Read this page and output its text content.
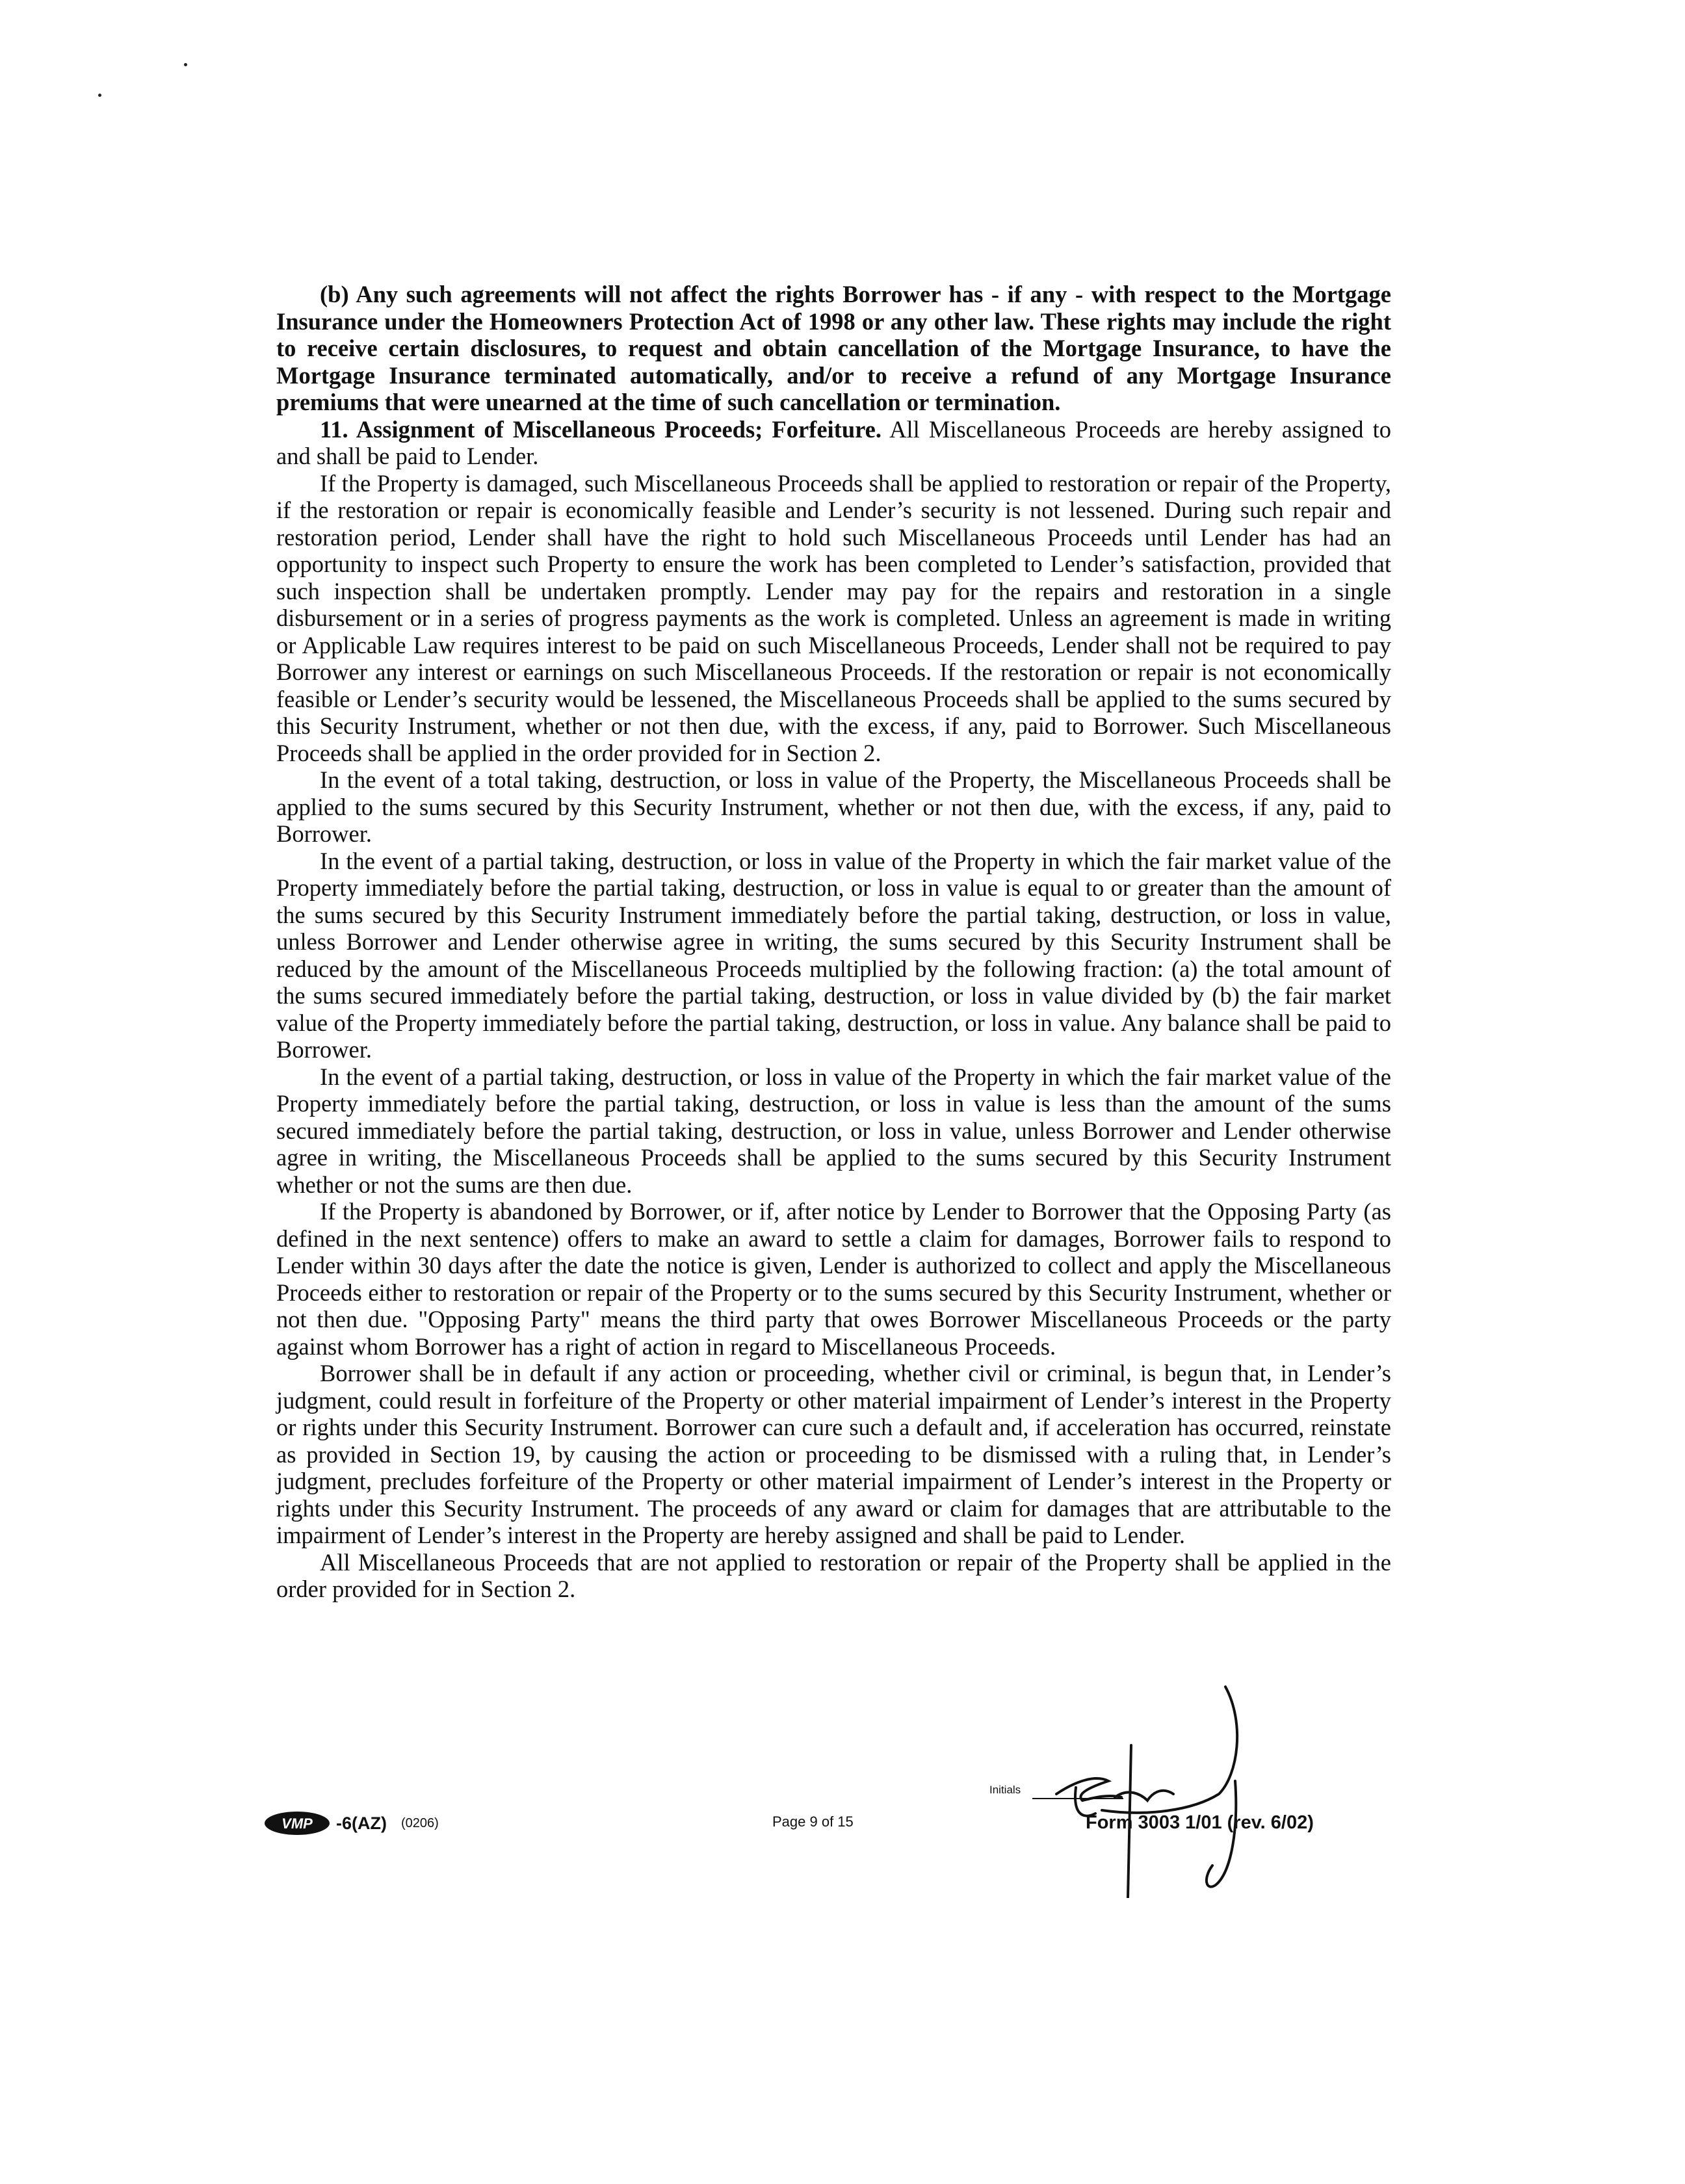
(b) Any such agreements will not affect the rights Borrower has - if any - with respect to the Mortgage Insurance under the Homeowners Protection Act of 1998 or any other law. These rights may include the right to receive certain disclosures, to request and obtain cancellation of the Mortgage Insurance, to have the Mortgage Insurance terminated automatically, and/or to receive a refund of any Mortgage Insurance premiums that were unearned at the time of such cancellation or termination.

11. Assignment of Miscellaneous Proceeds; Forfeiture. All Miscellaneous Proceeds are hereby assigned to and shall be paid to Lender.

If the Property is damaged, such Miscellaneous Proceeds shall be applied to restoration or repair of the Property, if the restoration or repair is economically feasible and Lender’s security is not lessened. During such repair and restoration period, Lender shall have the right to hold such Miscellaneous Proceeds until Lender has had an opportunity to inspect such Property to ensure the work has been completed to Lender’s satisfaction, provided that such inspection shall be undertaken promptly. Lender may pay for the repairs and restoration in a single disbursement or in a series of progress payments as the work is completed. Unless an agreement is made in writing or Applicable Law requires interest to be paid on such Miscellaneous Proceeds, Lender shall not be required to pay Borrower any interest or earnings on such Miscellaneous Proceeds. If the restoration or repair is not economically feasible or Lender’s security would be lessened, the Miscellaneous Proceeds shall be applied to the sums secured by this Security Instrument, whether or not then due, with the excess, if any, paid to Borrower. Such Miscellaneous Proceeds shall be applied in the order provided for in Section 2.

In the event of a total taking, destruction, or loss in value of the Property, the Miscellaneous Proceeds shall be applied to the sums secured by this Security Instrument, whether or not then due, with the excess, if any, paid to Borrower.

In the event of a partial taking, destruction, or loss in value of the Property in which the fair market value of the Property immediately before the partial taking, destruction, or loss in value is equal to or greater than the amount of the sums secured by this Security Instrument immediately before the partial taking, destruction, or loss in value, unless Borrower and Lender otherwise agree in writing, the sums secured by this Security Instrument shall be reduced by the amount of the Miscellaneous Proceeds multiplied by the following fraction: (a) the total amount of the sums secured immediately before the partial taking, destruction, or loss in value divided by (b) the fair market value of the Property immediately before the partial taking, destruction, or loss in value. Any balance shall be paid to Borrower.

In the event of a partial taking, destruction, or loss in value of the Property in which the fair market value of the Property immediately before the partial taking, destruction, or loss in value is less than the amount of the sums secured immediately before the partial taking, destruction, or loss in value, unless Borrower and Lender otherwise agree in writing, the Miscellaneous Proceeds shall be applied to the sums secured by this Security Instrument whether or not the sums are then due.

If the Property is abandoned by Borrower, or if, after notice by Lender to Borrower that the Opposing Party (as defined in the next sentence) offers to make an award to settle a claim for damages, Borrower fails to respond to Lender within 30 days after the date the notice is given, Lender is authorized to collect and apply the Miscellaneous Proceeds either to restoration or repair of the Property or to the sums secured by this Security Instrument, whether or not then due. "Opposing Party" means the third party that owes Borrower Miscellaneous Proceeds or the party against whom Borrower has a right of action in regard to Miscellaneous Proceeds.

Borrower shall be in default if any action or proceeding, whether civil or criminal, is begun that, in Lender’s judgment, could result in forfeiture of the Property or other material impairment of Lender’s interest in the Property or rights under this Security Instrument. Borrower can cure such a default and, if acceleration has occurred, reinstate as provided in Section 19, by causing the action or proceeding to be dismissed with a ruling that, in Lender’s judgment, precludes forfeiture of the Property or other material impairment of Lender’s interest in the Property or rights under this Security Instrument. The proceeds of any award or claim for damages that are attributable to the impairment of Lender’s interest in the Property are hereby assigned and shall be paid to Lender.

All Miscellaneous Proceeds that are not applied to restoration or repair of the Property shall be applied in the order provided for in Section 2.

VMP -6(AZ) (0206)	Page 9 of 15
Initials
Form 3003 1/01 (rev. 6/02)
